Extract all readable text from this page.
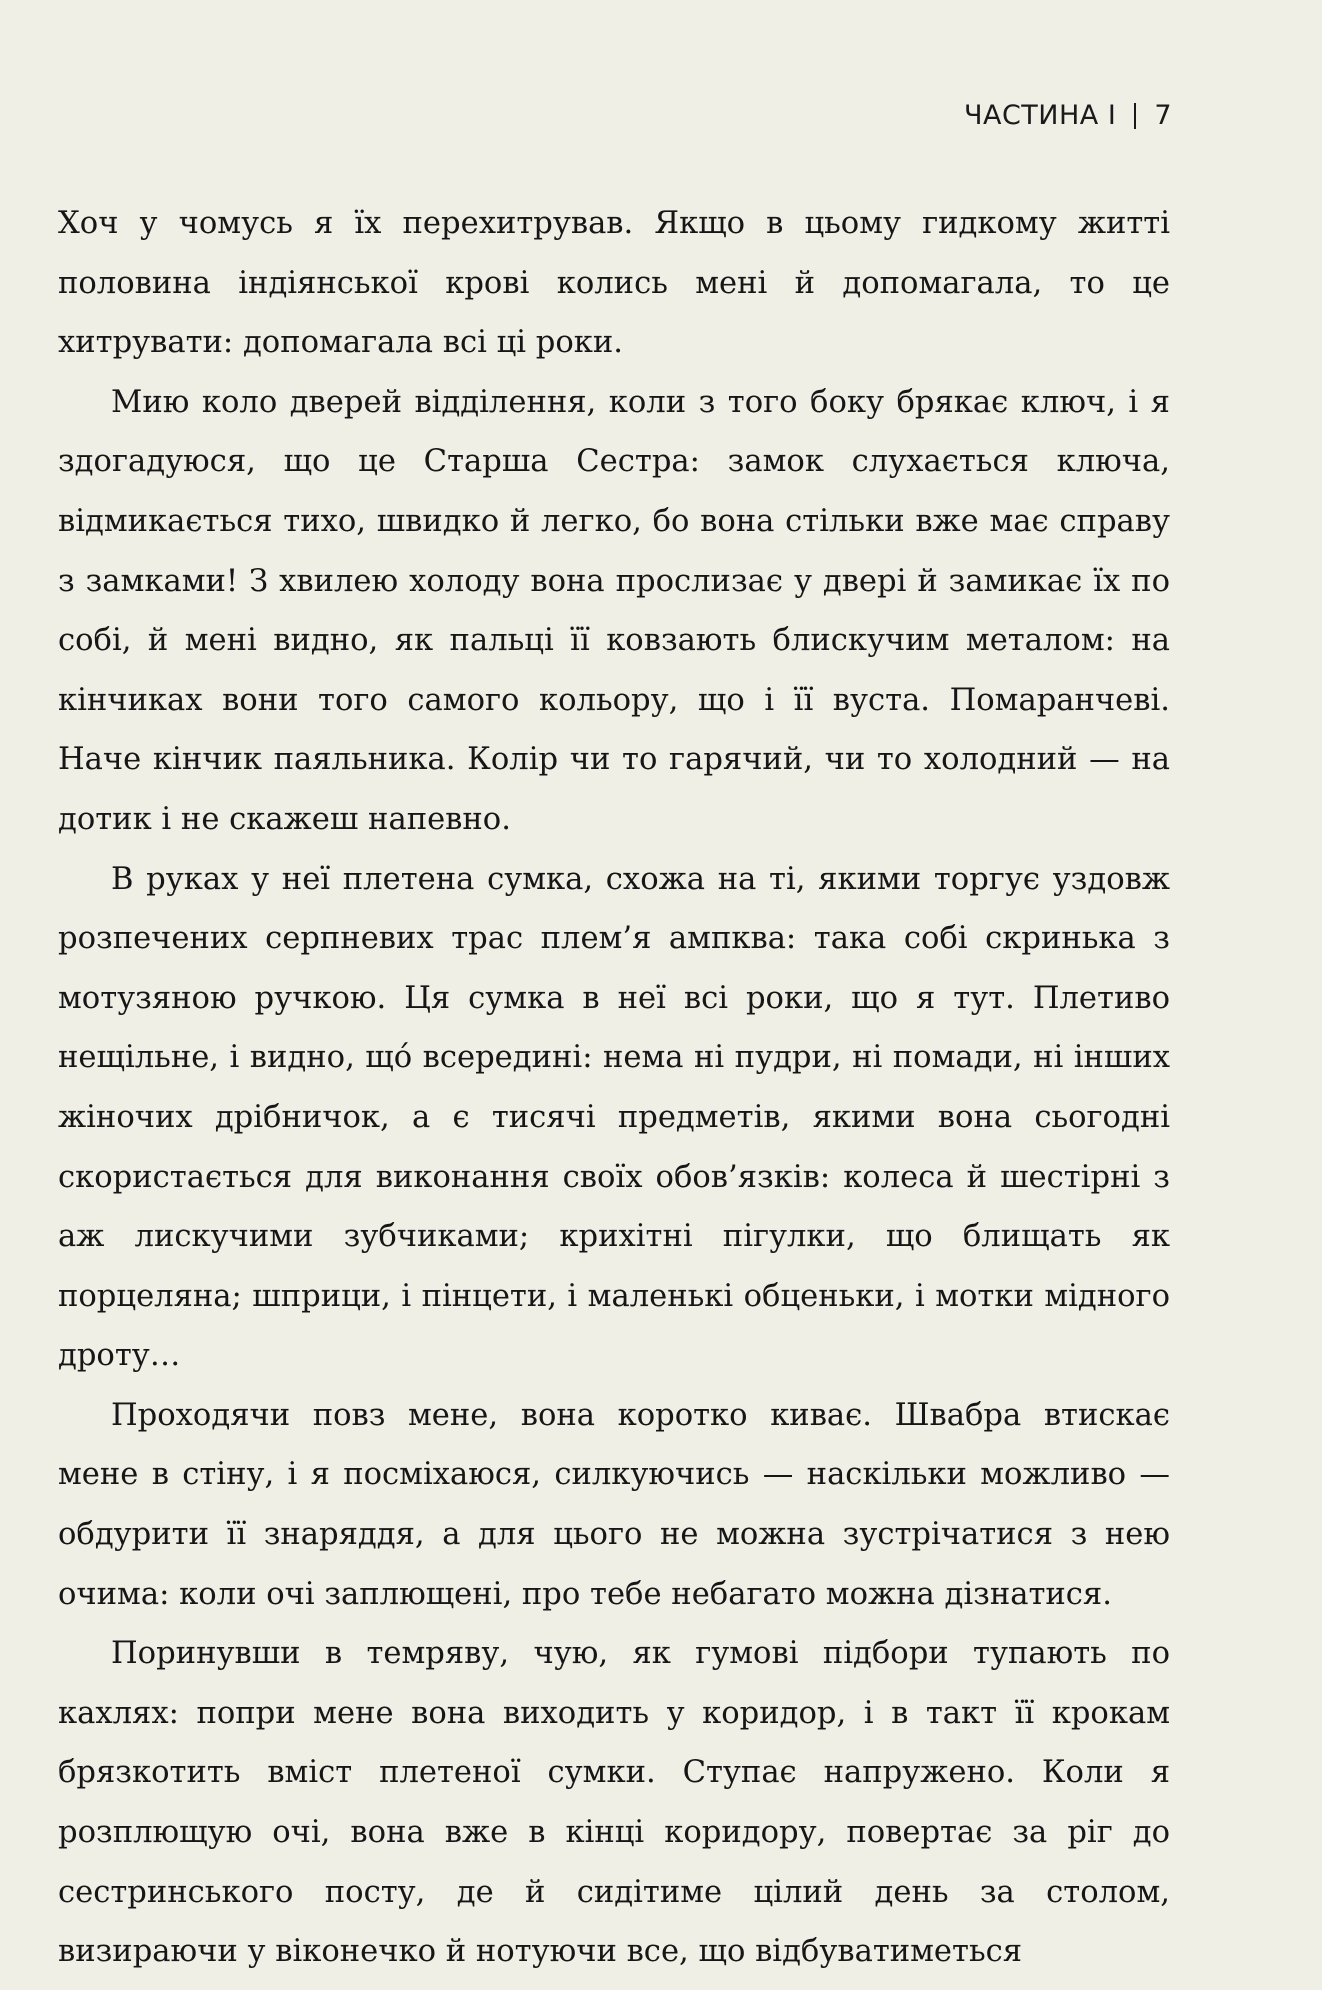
ЧАСТИНА I 7

Хоч у чомусь я їх перехитрував. Якщо в цьому гидкому житті половина індіянської крові колись мені й допомагала, то це хитрувати: допомагала всі ці роки.

Мию коло дверей відділення, коли з того боку брякає ключ, і я здогадуюся, що це Старша Сестра: замок слухається ключа, відмикається тихо, швидко й легко, бо вона стільки вже має справу з замками! З хвилею холоду вона прослизає у двері й замикає їх по собі, й мені видно, як пальці її ковзають блискучим металом: на кінчиках вони того самого кольору, що і її вуста. Помаранчеві. Наче кінчик паяльника. Колір чи то гарячий, чи то холодний — на дотик і не скажеш напевно.

В руках у неї плетена сумка, схожа на ті, якими торгує уздовж розпечених серпневих трас плем’я ампква: така собі скринька з мотузяною ручкою. Ця сумка в неї всі роки, що я тут. Плетиво нещільне, і видно, щó всередині: нема ні пудри, ні помади, ні інших жіночих дрібничок, а є тисячі предметів, якими вона сьогодні скористається для виконання своїх обов’язків: колеса й шестірні з аж лискучими зубчиками; крихітні пігулки, що блищать як порцеляна; шприци, і пінцети, і маленькі обценьки, і мотки мідного дроту…

Проходячи повз мене, вона коротко киває. Швабра втискає мене в стіну, і я посміхаюся, силкуючись — наскільки можливо — обдурити її знаряддя, а для цього не можна зустрічатися з нею очима: коли очі заплющені, про тебе небагато можна дізнатися.

Поринувши в темряву, чую, як гумові підбори тупають по кахлях: попри мене вона виходить у коридор, і в такт її крокам брязкотить вміст плетеної сумки. Ступає напружено. Коли я розплющую очі, вона вже в кінці коридору, повертає за ріг до сестринського посту, де й сидітиме цілий день за столом, визираючи у віконечко й нотуючи все, що відбуватиметься
